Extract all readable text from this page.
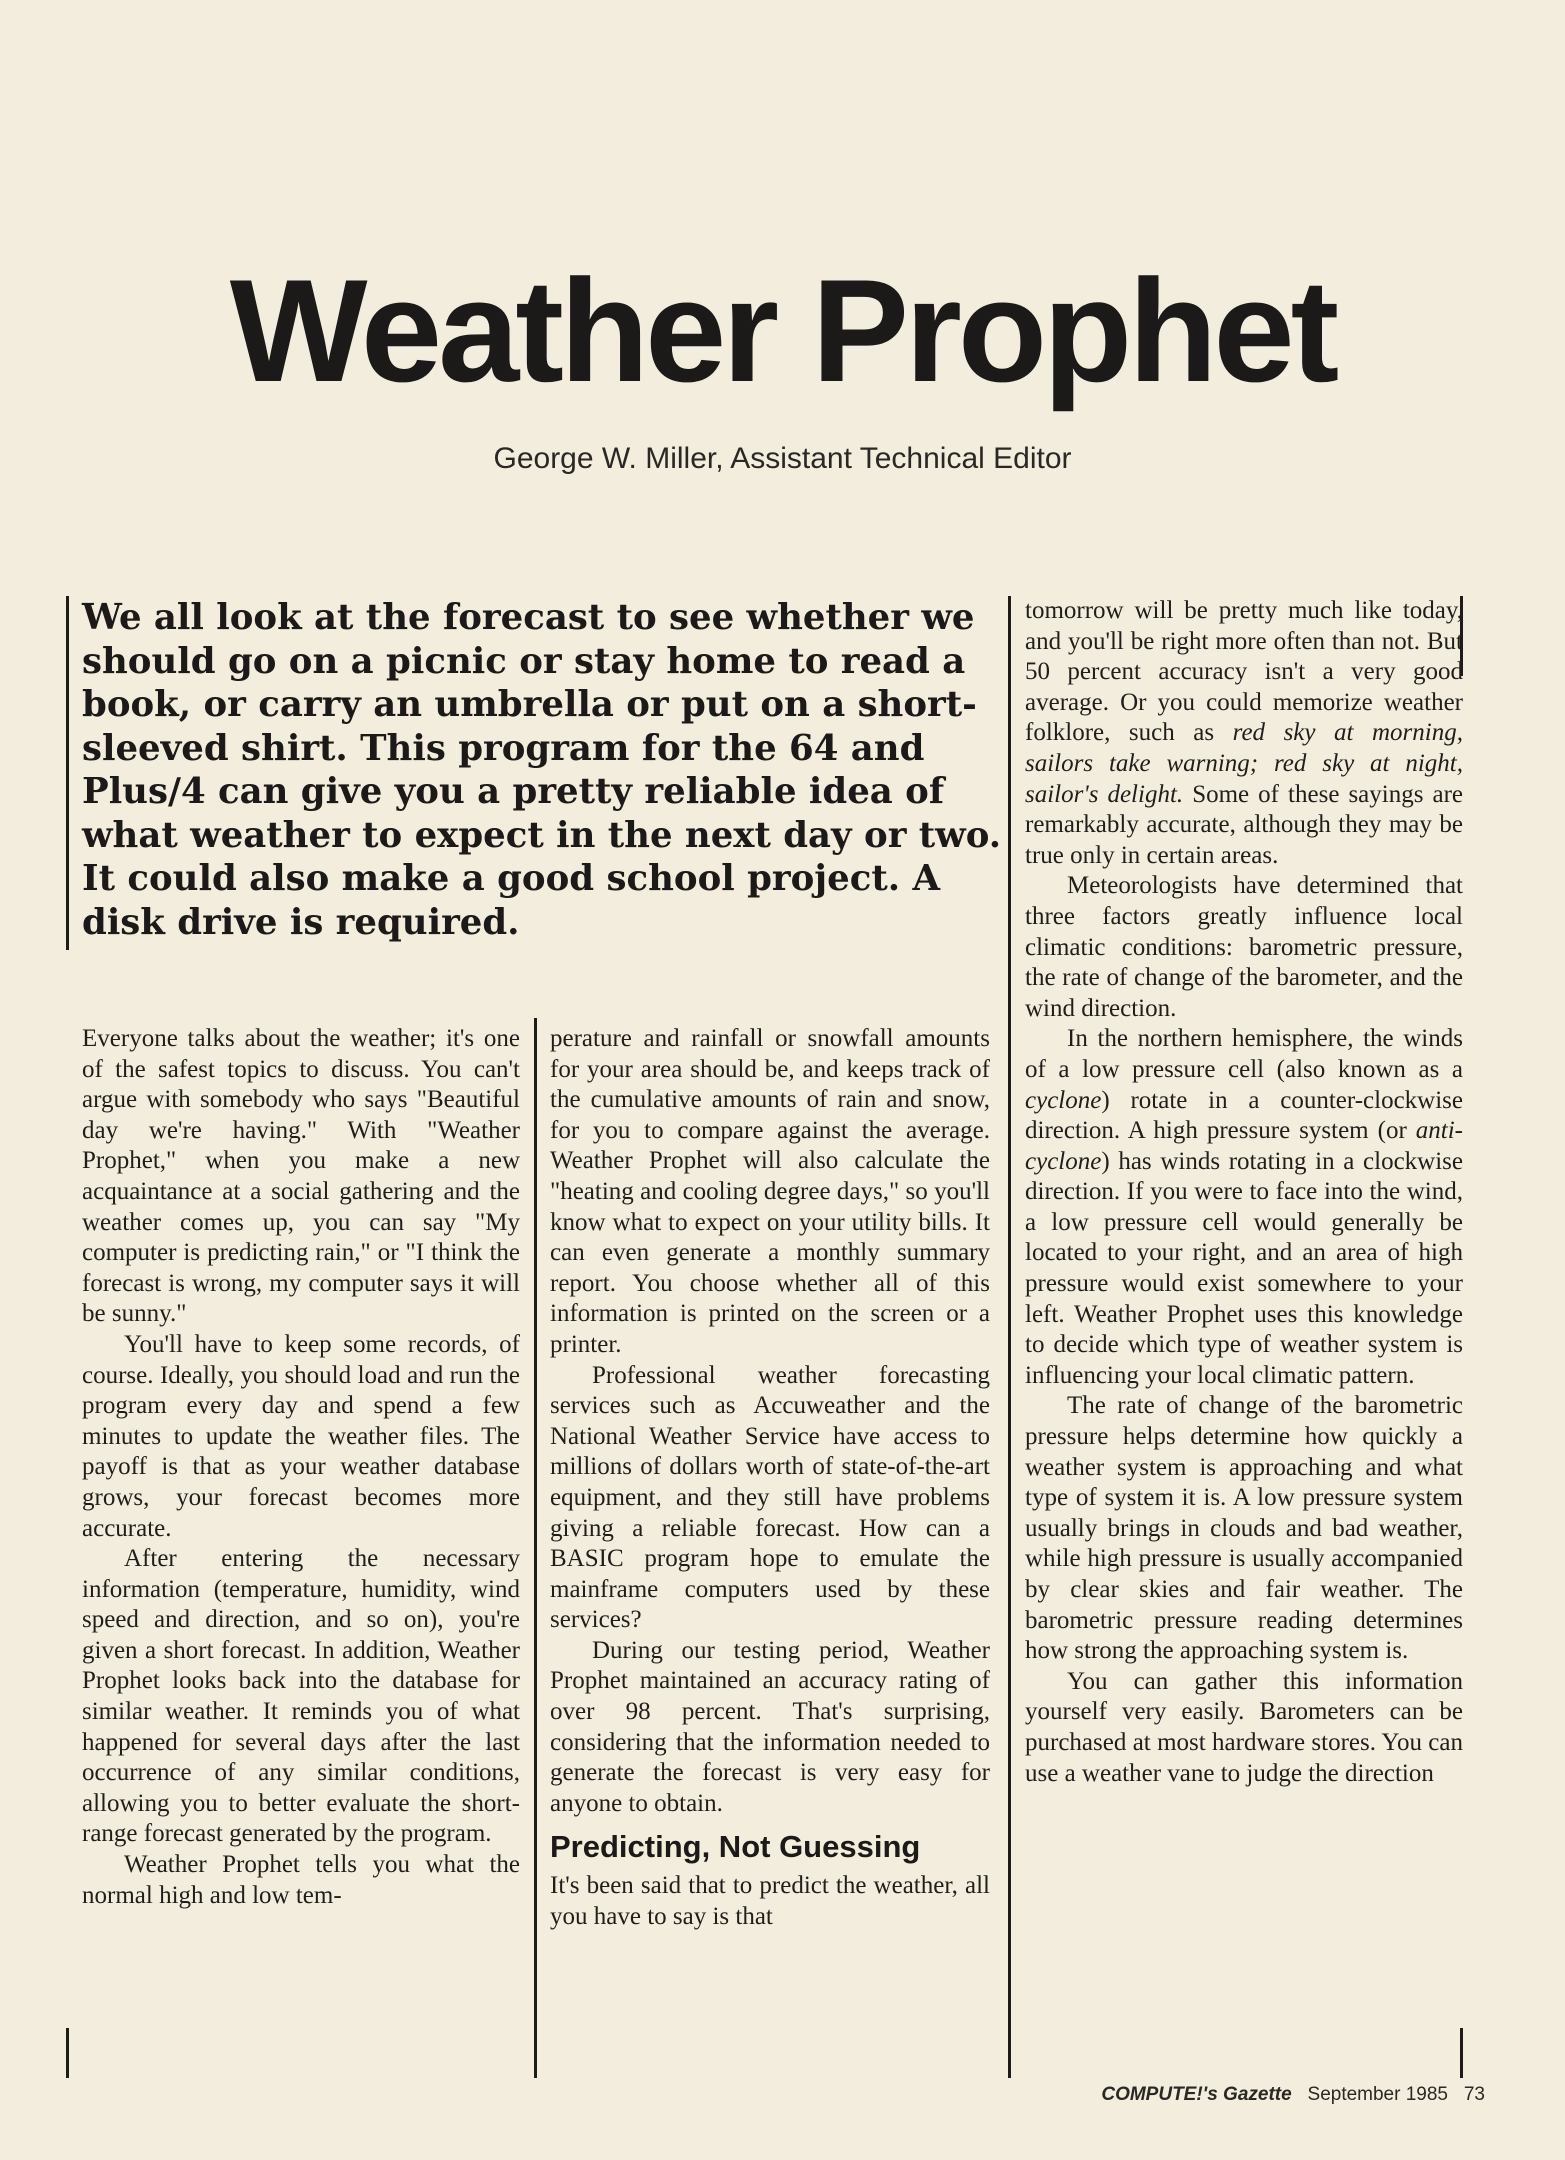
Weather Prophet
George W. Miller, Assistant Technical Editor

We all look at the forecast to see whether we should go on a picnic or stay home to read a book, or carry an umbrella or put on a short-sleeved shirt. This program for the 64 and Plus/4 can give you a pretty reliable idea of what weather to expect in the next day or two. It could also make a good school project. A disk drive is required.

Everyone talks about the weather; it's one of the safest topics to discuss. You can't argue with somebody who says "Beautiful day we're having." With "Weather Prophet," when you make a new acquaintance at a social gathering and the weather comes up, you can say "My computer is predicting rain," or "I think the forecast is wrong, my computer says it will be sunny."

You'll have to keep some records, of course. Ideally, you should load and run the program every day and spend a few minutes to update the weather files. The payoff is that as your weather database grows, your forecast becomes more accurate.

After entering the necessary information (temperature, humidity, wind speed and direction, and so on), you're given a short forecast. In addition, Weather Prophet looks back into the database for similar weather. It reminds you of what happened for several days after the last occurrence of any similar conditions, allowing you to better evaluate the short-range forecast generated by the program.

Weather Prophet tells you what the normal high and low tem-

perature and rainfall or snowfall amounts for your area should be, and keeps track of the cumulative amounts of rain and snow, for you to compare against the average. Weather Prophet will also calculate the "heating and cooling degree days," so you'll know what to expect on your utility bills. It can even generate a monthly summary report. You choose whether all of this information is printed on the screen or a printer.

Professional weather forecasting services such as Accuweather and the National Weather Service have access to millions of dollars worth of state-of-the-art equipment, and they still have problems giving a reliable forecast. How can a BASIC program hope to emulate the mainframe computers used by these services?

During our testing period, Weather Prophet maintained an accuracy rating of over 98 percent. That's surprising, considering that the information needed to generate the forecast is very easy for anyone to obtain.

Predicting, Not Guessing

It's been said that to predict the weather, all you have to say is that

tomorrow will be pretty much like today, and you'll be right more often than not. But 50 percent accuracy isn't a very good average. Or you could memorize weather folklore, such as red sky at morning, sailors take warning; red sky at night, sailor's delight. Some of these sayings are remarkably accurate, although they may be true only in certain areas.

Meteorologists have determined that three factors greatly influence local climatic conditions: barometric pressure, the rate of change of the barometer, and the wind direction.

In the northern hemisphere, the winds of a low pressure cell (also known as a cyclone) rotate in a counter-clockwise direction. A high pressure system (or anti-cyclone) has winds rotating in a clockwise direction. If you were to face into the wind, a low pressure cell would generally be located to your right, and an area of high pressure would exist somewhere to your left. Weather Prophet uses this knowledge to decide which type of weather system is influencing your local climatic pattern.

The rate of change of the barometric pressure helps determine how quickly a weather system is approaching and what type of system it is. A low pressure system usually brings in clouds and bad weather, while high pressure is usually accompanied by clear skies and fair weather. The barometric pressure reading determines how strong the approaching system is.

You can gather this information yourself very easily. Barometers can be purchased at most hardware stores. You can use a weather vane to judge the direction

COMPUTE!'s Gazette September 1985 73
